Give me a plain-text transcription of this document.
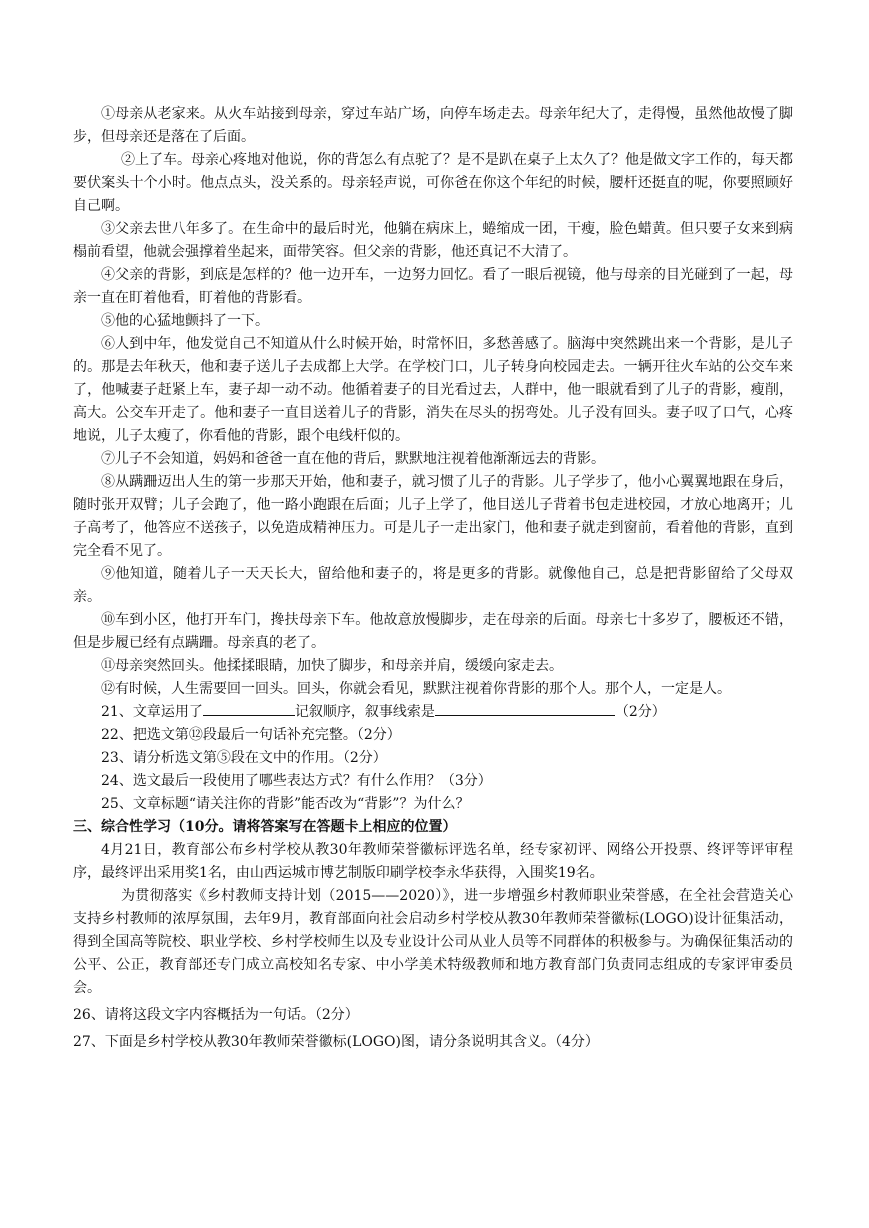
①母亲从老家来。从火车站接到母亲，穿过车站广场，向停车场走去。母亲年纪大了，走得慢，虽然他故慢了脚步，但母亲还是落在了后面。

②上了车。母亲心疼地对他说，你的背怎么有点驼了？是不是趴在桌子上太久了？他是做文字工作的，每天都要伏案头十个小时。他点点头，没关系的。母亲轻声说，可你爸在你这个年纪的时候，腰杆还挺直的呢，你要照顾好自己啊。

③父亲去世八年多了。在生命中的最后时光，他躺在病床上，蜷缩成一团，干瘦，脸色蜡黄。但只要子女来到病榻前看望，他就会强撑着坐起来，面带笑容。但父亲的背影，他还真记不大清了。

④父亲的背影，到底是怎样的？他一边开车，一边努力回忆。看了一眼后视镜，他与母亲的目光碰到了一起，母亲一直在盯着他看，盯着他的背影看。

⑤他的心猛地颤抖了一下。

⑥人到中年，他发觉自己不知道从什么时候开始，时常怀旧，多愁善感了。脑海中突然跳出来一个背影，是儿子的。那是去年秋天，他和妻子送儿子去成都上大学。在学校门口，儿子转身向校园走去。一辆开往火车站的公交车来了，他喊妻子赶紧上车，妻子却一动不动。他循着妻子的目光看过去，人群中，他一眼就看到了儿子的背影，瘦削，高大。公交车开走了。他和妻子一直目送着儿子的背影，消失在尽头的拐弯处。儿子没有回头。妻子叹了口气，心疼地说，儿子太瘦了，你看他的背影，跟个电线杆似的。

⑦儿子不会知道，妈妈和爸爸一直在他的背后，默默地注视着他渐渐远去的背影。

⑧从蹒跚迈出人生的第一步那天开始，他和妻子，就习惯了儿子的背影。儿子学步了，他小心翼翼地跟在身后，随时张开双臂；儿子会跑了，他一路小跑跟在后面；儿子上学了，他目送儿子背着书包走进校园，才放心地离开；儿子高考了，他答应不送孩子，以免造成精神压力。可是儿子一走出家门，他和妻子就走到窗前，看着他的背影，直到完全看不见了。

⑨他知道，随着儿子一天天长大，留给他和妻子的，将是更多的背影。就像他自己，总是把背影留给了父母双亲。

⑩车到小区，他打开车门，搀扶母亲下车。他故意放慢脚步，走在母亲的后面。母亲七十多岁了，腰板还不错，但是步履已经有点蹒跚。母亲真的老了。

⑪母亲突然回头。他揉揉眼睛，加快了脚步，和母亲并肩，缓缓向家走去。

⑫有时候，人生需要回一回头。回头，你就会看见，默默注视着你背影的那个人。那个人，一定是人。

21、文章运用了	记叙顺序，叙事线索是	（2分）

22、把选文第⑫段最后一句话补充完整。（2分）

23、请分析选文第⑤段在文中的作用。（2分）

24、选文最后一段使用了哪些表达方式？有什么作用？（3分）

25、文章标题“请关注你的背影”能否改为“背影”？为什么？

三、综合性学习（10分。请将答案写在答题卡上相应的位置）

4月21日，教育部公布乡村学校从教30年教师荣誉徽标评选名单，经专家初评、网络公开投票、终评等评审程序，最终评出采用奖1名，由山西运城市博艺制版印刷学校李永华获得，入围奖19名。

为贯彻落实《乡村教师支持计划（2015——2020）》，进一步增强乡村教师职业荣誉感，在全社会营造关心支持乡村教师的浓厚氛围，去年9月，教育部面向社会启动乡村学校从教30年教师荣誉徽标(LOGO)设计征集活动，得到全国高等院校、职业学校、乡村学校师生以及专业设计公司从业人员等不同群体的积极参与。为确保征集活动的公平、公正，教育部还专门成立高校知名专家、中小学美术特级教师和地方教育部门负责同志组成的专家评审委员会。

26、请将这段文字内容概括为一句话。（2分）

27、下面是乡村学校从教30年教师荣誉徽标(LOGO)图，请分条说明其含义。（4分）
